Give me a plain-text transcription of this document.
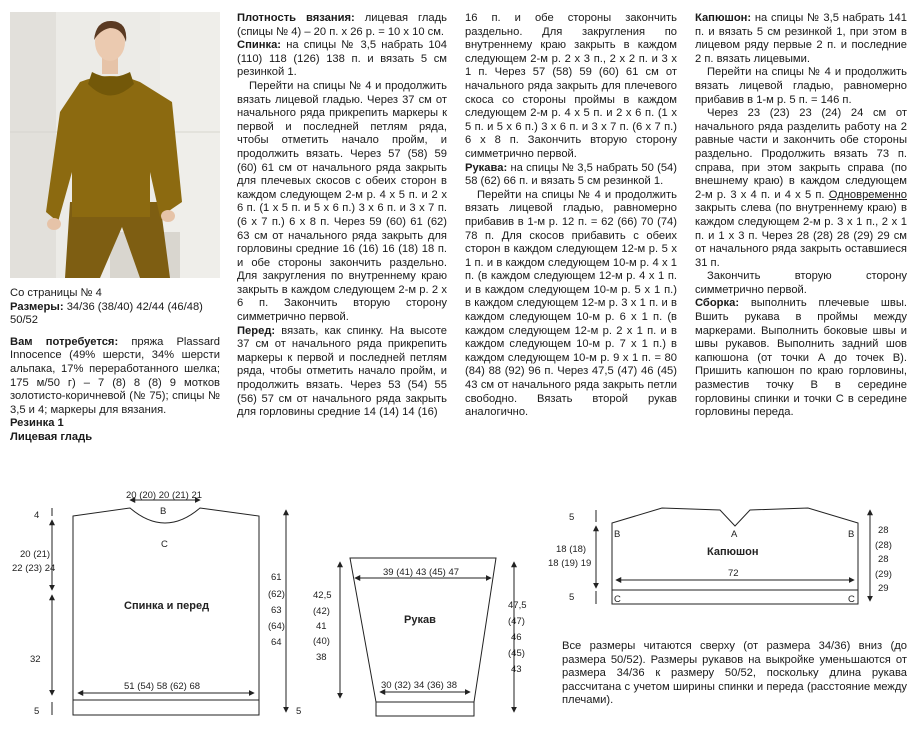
Со страницы № 4
Размеры: 34/36 (38/40) 42/44 (46/48) 50/52
Вам потребуется: пряжа Plassard Innocence (49% шерсти, 34% шерсти альпака, 17% переработанного шелка; 175 м/50 г) – 7 (8) 8 (8) 9 мотков золотисто-коричневой (№ 75); спицы № 3,5 и 4; маркеры для вязания.
Резинка 1
Лицевая гладь

Плотность вязания: лицевая гладь (спицы № 4) – 20 п. х 26 р. = 10 х 10 см.

Спинка: на спицы № 3,5 набрать 104 (110) 118 (126) 138 п. и вязать 5 см резинкой 1.

Перейти на спицы № 4 и продолжить вязать лицевой гладью. Через 37 см от начального ряда прикрепить маркеры к первой и последней петлям ряда, чтобы отметить начало пройм, и продолжить вязать. Через 57 (58) 59 (60) 61 см от начального ряда закрыть для плечевых скосов с обеих сторон в каждом следующем 2-м р. 4 х 5 п. и 2 х 6 п. (1 х 5 п. и 5 х 6 п.) 3 х 6 п. и 3 х 7 п. (6 х 7 п.) 6 х 8 п. Через 59 (60) 61 (62) 63 см от начального ряда закрыть для горловины средние 16 (16) 16 (18) 18 п. и обе стороны закончить раздельно. Для закругления по внутреннему краю закрыть в каждом следующем 2-м р. 2 х 6 п. Закончить вторую сторону симметрично первой.

Перед: вязать, как спинку. На высоте 37 см от начального ряда прикрепить маркеры к первой и последней петлям ряда, чтобы отметить начало пройм, и продолжить вязать. Через 53 (54) 55 (56) 57 см от начального ряда закрыть для горловины средние 14 (14) 14 (16)

16 п. и обе стороны закончить раздельно. Для закругления по внутреннему краю закрыть в каждом следующем 2-м р. 2 х 3 п., 2 х 2 п. и 3 х 1 п. Через 57 (58) 59 (60) 61 см от начального ряда закрыть для плечевого скоса со стороны проймы в каждом следующем 2-м р. 4 х 5 п. и 2 х 6 п. (1 х 5 п. и 5 х 6 п.) 3 х 6 п. и 3 х 7 п. (6 х 7 п.) 6 х 8 п. Закончить вторую сторону симметрично первой.

Рукава: на спицы № 3,5 набрать 50 (54) 58 (62) 66 п. и вязать 5 см резинкой 1.

Перейти на спицы № 4 и продолжить вязать лицевой гладью, равномерно прибавив в 1-м р. 12 п. = 62 (66) 70 (74) 78 п. Для скосов прибавить с обеих сторон в каждом следующем 12-м р. 5 х 1 п. и в каждом следующем 10-м р. 4 х 1 п. (в каждом следующем 12-м р. 4 х 1 п. и в каждом следующем 10-м р. 5 х 1 п.) в каждом следующем 12-м р. 3 х 1 п. и в каждом следующем 10-м р. 6 х 1 п. (в каждом следующем 12-м р. 2 х 1 п. и в каждом следующем 10-м р. 7 х 1 п.) в каждом следующем 10-м р. 9 х 1 п. = 80 (84) 88 (92) 96 п. Через 47,5 (47) 46 (45) 43 см от начального ряда закрыть петли свободно. Вязать второй рукав аналогично.

Капюшон: на спицы № 3,5 набрать 141 п. и вязать 5 см резинкой 1, при этом в лицевом ряду первые 2 п. и последние 2 п. вязать лицевыми.

Перейти на спицы № 4 и продолжить вязать лицевой гладью, равномерно прибавив в 1-м р. 5 п. = 146 п.

Через 23 (23) 23 (24) 24 см от начального ряда разделить работу на 2 равные части и закончить обе стороны раздельно. Продолжить вязать 73 п. справа, при этом закрыть справа (по внешнему краю) в каждом следующем 2-м р. 3 х 4 п. и 4 х 5 п. Одновременно закрыть слева (по внутреннему краю) в каждом следующем 2-м р. 3 х 1 п., 2 х 1 п. и 1 х 3 п. Через 28 (28) 28 (29) 29 см от начального ряда закрыть оставшиеся 31 п.

Закончить вторую сторону симметрично первой.

Сборка: выполнить плечевые швы. Вшить рукава в проймы между маркерами. Выполнить боковые швы и швы рукавов. Выполнить задний шов капюшона (от точки А до точек В). Пришить капюшон по краю горловины, разместив точку В в середине горловины спинки и точки С в середине горловины переда.

20 (20) 20 (21) 21
4	B
C
20 (21)
22 (23) 24
Спинка и перед
32
51 (54) 58 (62) 68
5
61
(62)
63
(64)
64
39 (41) 43 (45) 47
Рукав
30 (32) 34 (36) 38
42,5
(42)
41
(40)
38
47,5
(47)
46
(45)
43
5
5
A
B	B
Капюшон
18 (18)
18 (19) 19
72
5	C	C
28
(28)
28
(29)
29
Все размеры читаются сверху (от размера 34/36) вниз (до размера 50/52). Размеры рукавов на выкройке уменьшаются от размера 34/36 к размеру 50/52, поскольку длина рукава рассчитана с учетом ширины спинки и переда (расстояние между плечами).
